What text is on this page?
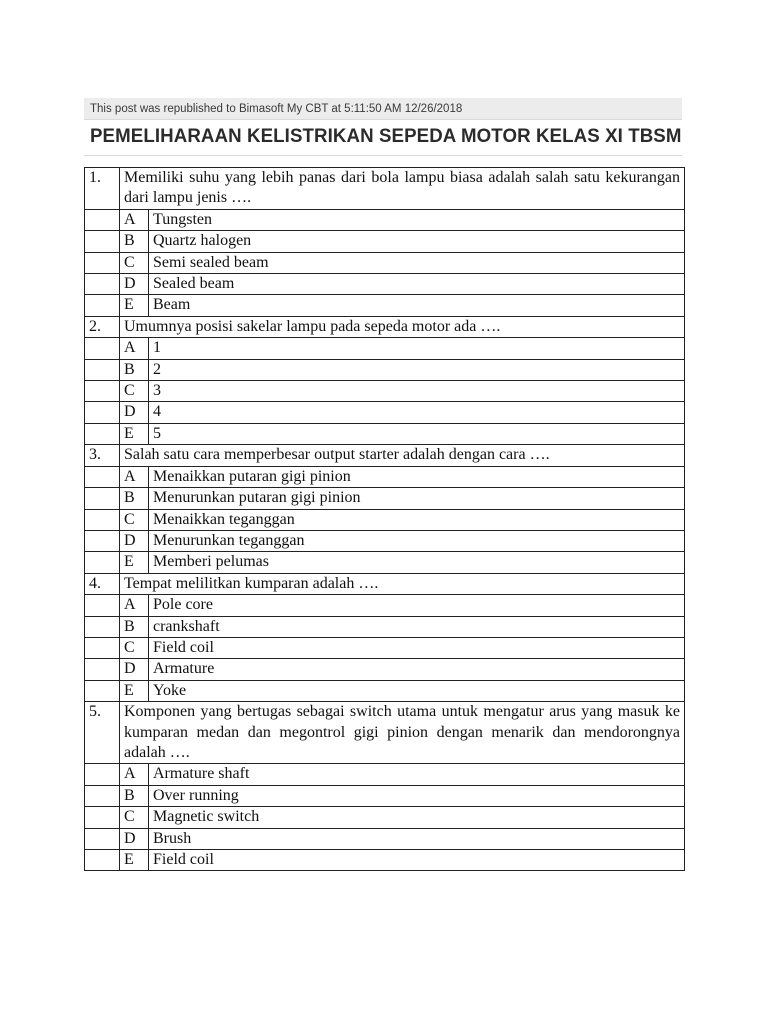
This post was republished to Bimasoft My CBT at 5:11:50 AM 12/26/2018
PEMELIHARAAN KELISTRIKAN SEPEDA MOTOR KELAS XI TBSM
1.	Memiliki suhu yang lebih panas dari bola lampu biasa adalah salah satu kekurangan dari lampu jenis ….	
	A	Tungsten
	B	Quartz halogen
	C	Semi sealed beam
	D	Sealed beam
	E	Beam
2.	Umumnya posisi sakelar lampu pada sepeda motor ada ….	
	A	1
	B	2
	C	3
	D	4
	E	5
3.	Salah satu cara memperbesar output starter adalah dengan cara ….	
	A	Menaikkan putaran gigi pinion
	B	Menurunkan putaran gigi pinion
	C	Menaikkan teganggan
	D	Menurunkan teganggan
	E	Memberi pelumas
4.	Tempat melilitkan kumparan adalah ….	
	A	Pole core
	B	crankshaft
	C	Field coil
	D	Armature
	E	Yoke
5.	Komponen yang bertugas sebagai switch utama untuk mengatur arus yang masuk ke kumparan medan dan megontrol gigi pinion dengan menarik dan mendorongnya adalah ….	
	A	Armature shaft
	B	Over running
	C	Magnetic switch
	D	Brush
	E	Field coil
